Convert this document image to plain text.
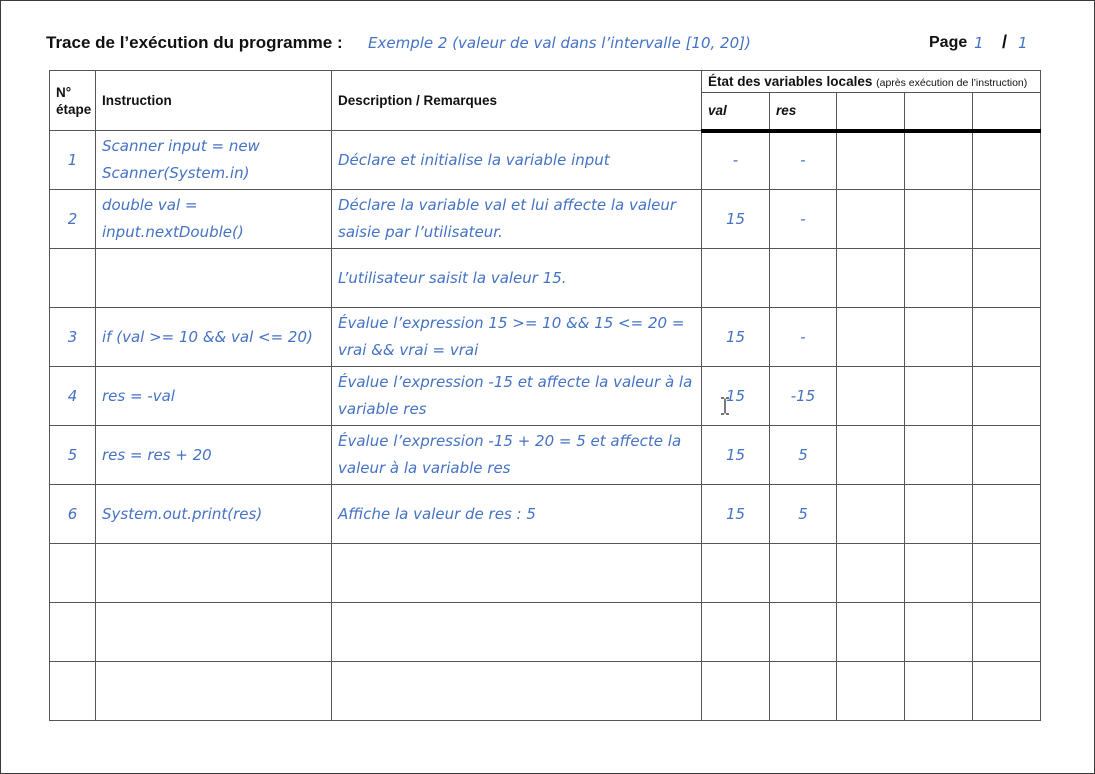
Trace de l’exécution du programme : Exemple 2 (valeur de val dans l’intervalle [10, 20])	Page 1 / 1
N° étape	Instruction	Description / Remarques	État des variables locales (après exécution de l’instruction)				
			val	res			
1	Scanner input = new Scanner(System.in)	Déclare et initialise la variable input	-	-			
2	double val = input.nextDouble()	Déclare la variable val et lui affecte la valeur saisie par l’utilisateur.	15	-			
		L’utilisateur saisit la valeur 15.					
3	if (val >= 10 && val <= 20)	Évalue l’expression 15 >= 10 && 15 <= 20 = vrai && vrai = vrai	15	-			
4	res = -val	Évalue l’expression -15 et affecte la valeur à la variable res	15	-15			
5	res = res + 20	Évalue l’expression -15 + 20 = 5 et affecte la valeur à la variable res	15	5			
6	System.out.print(res)	Affiche la valeur de res : 5	15	5			
